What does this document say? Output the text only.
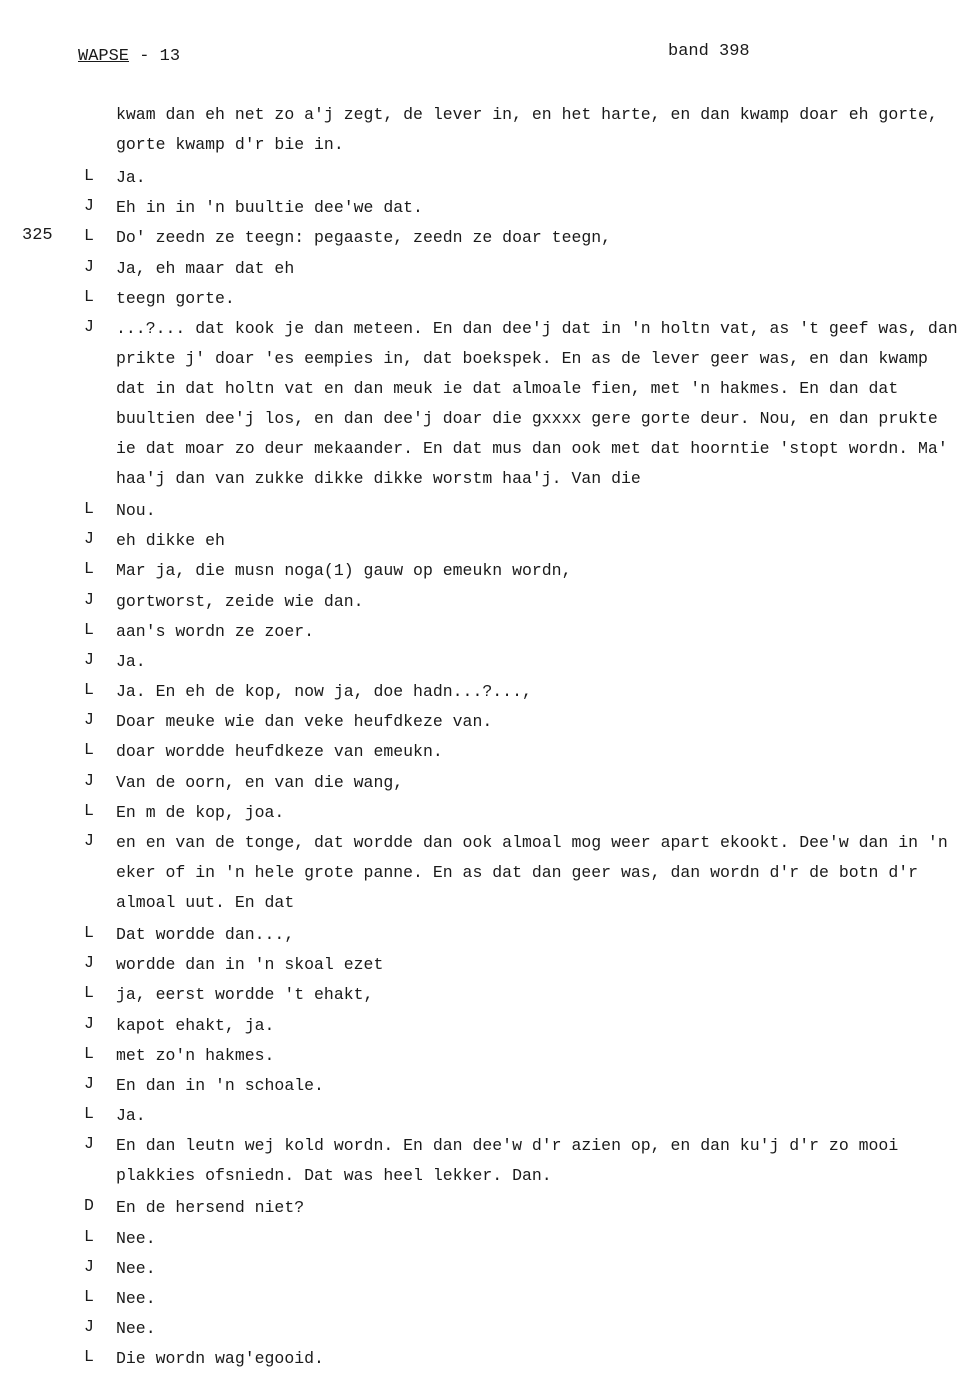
WAPSE - 13	band 398
kwam dan eh net zo a'j zegt, de lever in, en het harte, en dan kwamp doar eh gorte, gorte kwamp d'r bie in.
L Ja.
J Eh in in 'n buultie dee'we dat.
325 L Do' zeedn ze teegn: pegaaste, zeedn ze doar teegn,
J Ja, eh maar dat eh
L teegn gorte.
J ...?... dat kook je dan meteen. En dan dee'j dat in 'n holtn vat, as 't geef was, dan prikte j' doar 'es eempies in, dat boekspek. En as de lever geer was, en dan kwamp dat in dat holtn vat en dan meuk ie dat almoale fien, met 'n hakmes. En dan dat buultien dee'j los, en dan dee'j doar die gxxxx gere gorte deur. Nou, en dan prukte ie dat moar zo deur mekaander. En dat mus dan ook met dat hoorntie 'stopt wordn. Ma' haa'j dan van zukke dikke dikke worstm haa'j. Van die
L Nou.
J eh dikke eh
L Mar ja, die musn noga(1) gauw op emeukn wordn,
J gortworst, zeide wie dan.
L aan's wordn ze zoer.
J Ja.
L Ja. En eh de kop, now ja, doe hadn...?...,
J Doar meuke wie dan veke heufdkeze van.
L doar wordde heufdkeze van emeukn.
J Van de oorn, en van die wang,
L En m de kop, joa.
J en en van de tonge, dat wordde dan ook almoal mog weer apart ekookt. Dee'w dan in 'n eker of in 'n hele grote panne. En as dat dan geer was, dan wordn d'r de botn d'r almoal uut. En dat
L Dat wordde dan...,
J wordde dan in 'n skoal ezet
L ja, eerst wordde 't ehakt,
J kapot ehakt, ja.
L met zo'n hakmes.
J En dan in 'n schoale.
L Ja.
J En dan leutn wej kold wordn. En dan dee'w d'r azien op, en dan ku'j d'r zo mooi plakkies ofsniedn. Dat was heel lekker. Dan.
D En de hersend niet?
L Nee.
J Nee.
L Nee.
J Nee.
L Die wordn wag'egooid.
